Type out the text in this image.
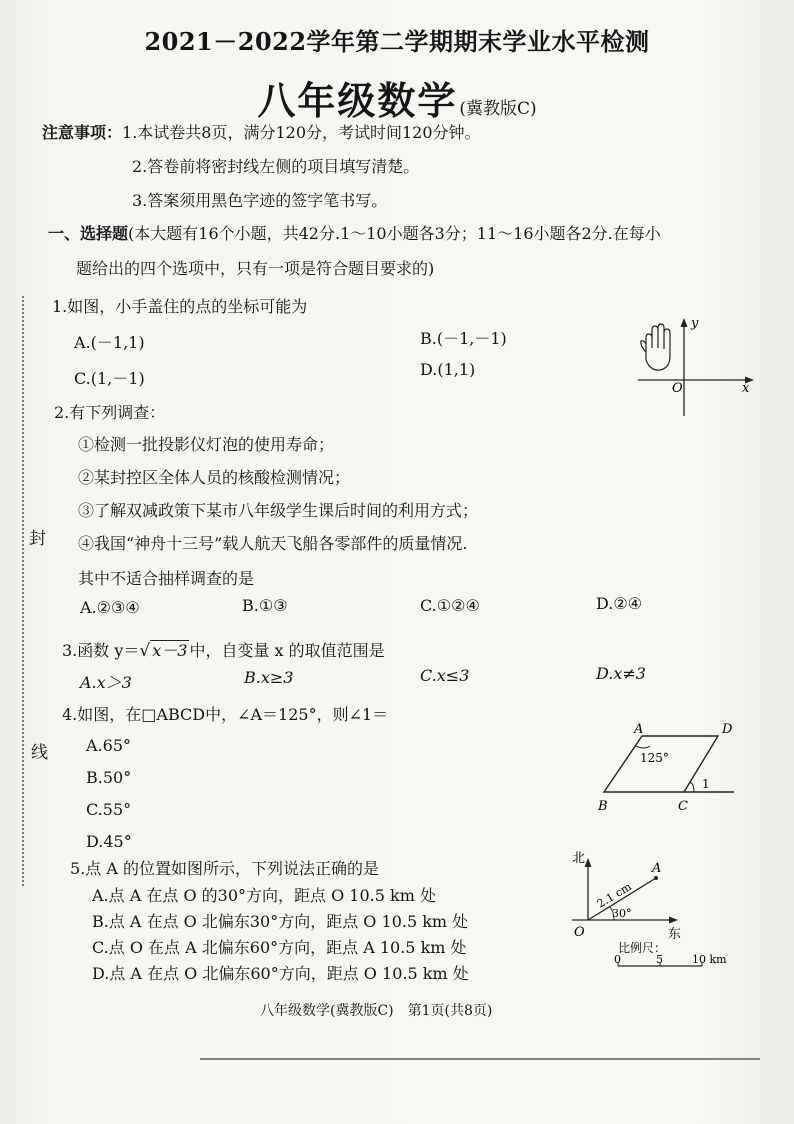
2021－2022学年第二学期期末学业水平检测
八年级数学 (冀教版C)
注意事项：1.本试卷共8页，满分120分，考试时间120分钟。
2.答卷前将密封线左侧的项目填写清楚。
3.答案须用黑色字迹的签字笔书写。
一、选择题(本大题有16个小题，共42分.1～10小题各3分；11～16小题各2分.在每小
题给出的四个选项中，只有一项是符合题目要求的)
1.如图，小手盖住的点的坐标可能为
A.(－1,1)	B.(－1,－1)
C.(1,－1)	D.(1,1)
y
x
O
2.有下列调查：
①检测一批投影仪灯泡的使用寿命；
②某封控区全体人员的核酸检测情况；
③了解双减政策下某市八年级学生课后时间的利用方式；
④我国“神舟十三号”载人航天飞船各零部件的质量情况.
其中不适合抽样调查的是
A.②③④	B.①③	C.①②④	D.②④
3.函数 y＝√ x－3 中，自变量 x 的取值范围是
A.x＞3	B.x≥3	C.x≤3	D.x≠3
4.如图，在□ABCD中，∠A＝125°，则∠1＝
A.65°
B.50°
C.55°
D.45°
A	D
B	C
125°
1
5.点 A 的位置如图所示，下列说法正确的是
A.点 A 在点 O 的30°方向，距点 O 10.5 km 处
B.点 A 在点 O 北偏东30°方向，距点 O 10.5 km 处
C.点 O 在点 A 北偏东60°方向，距点 A 10.5 km 处
D.点 A 在点 O 北偏东60°方向，距点 O 10.5 km 处
北
东
O
A
2.1 cm
30°
比例尺：
0	5	10 km
封
线
八年级数学(冀教版C)　第1页(共8页)
